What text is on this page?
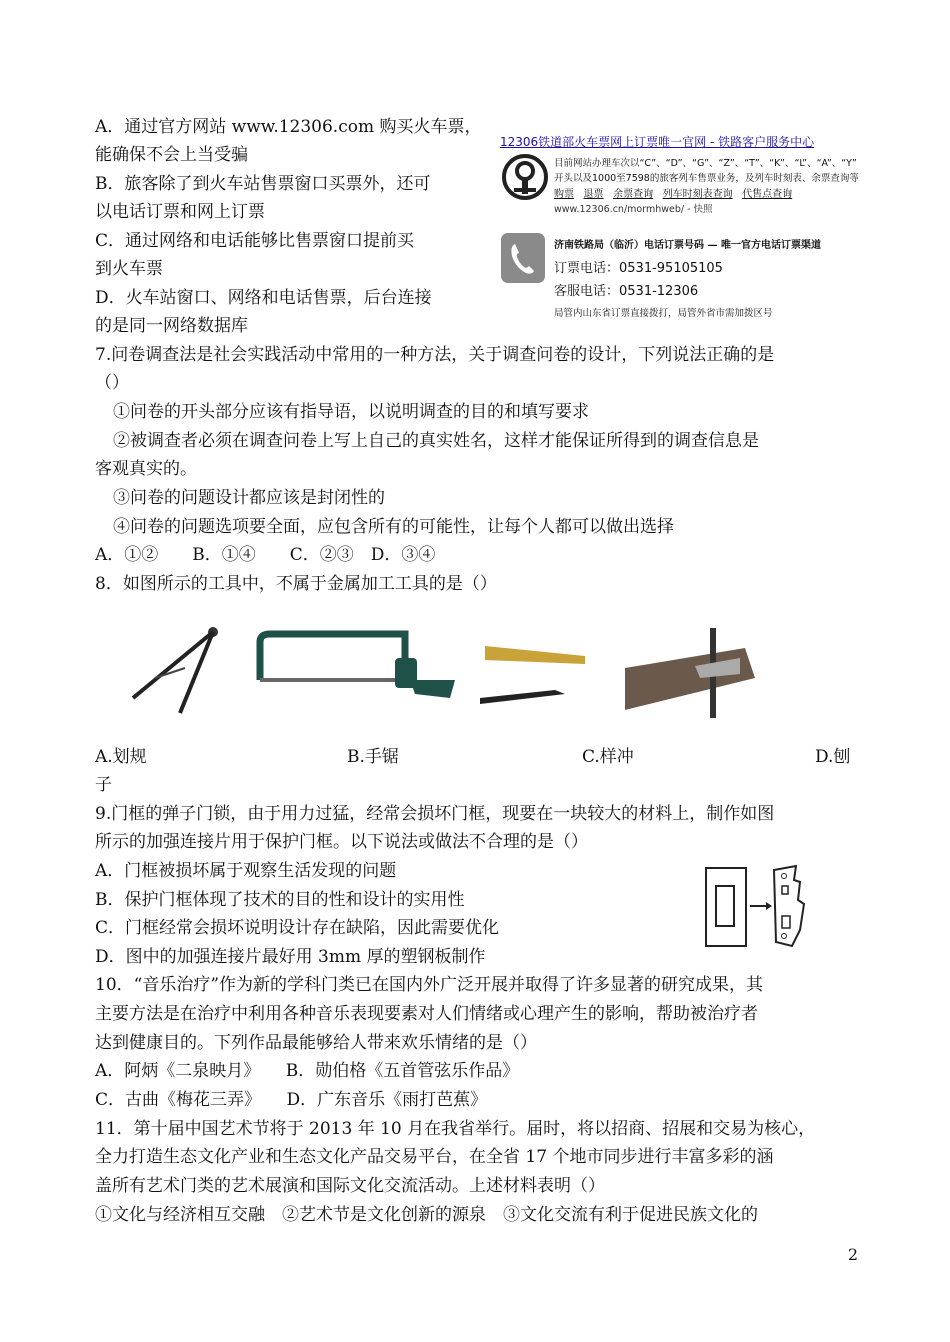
A．通过官方网站 www.12306.com 购买火车票，
能确保不会上当受骗
B．旅客除了到火车站售票窗口买票外，还可
以电话订票和网上订票
C．通过网络和电话能够比售票窗口提前买
到火车票
D．火车站窗口、网络和电话售票，后台连接
的是同一网络数据库
7.问卷调查法是社会实践活动中常用的一种方法，关于调查问卷的设计，下列说法正确的是
（）
①问卷的开头部分应该有指导语，以说明调查的目的和填写要求
②被调查者必须在调查问卷上写上自己的真实姓名，这样才能保证所得到的调查信息是
客观真实的。
③问卷的问题设计都应该是封闭性的
④问卷的问题选项要全面，应包含所有的可能性，让每个人都可以做出选择
A．①②　　B．①④　　C．②③　D．③④
8．如图所示的工具中，不属于金属加工工具的是（）
12306铁道部火车票网上订票唯一官网 - 铁路客户服务中心
目前网站办理车次以“C”、“D”、“G”、“Z”、“T”、“K”、“L”、“A”、“Y”
开头以及1000至7598的旅客列车售票业务，及列车时刻表、余票查询等
购票 退票 余票查询 列车时刻表查询 代售点查询
www.12306.cn/mormhweb/ - 快照
济南铁路局（临沂）电话订票号码 — 唯一官方电话订票渠道
订票电话：0531-95105105
客服电话：0531-12306
局管内山东省订票直接拨打，局管外省市需加拨区号
A.划规	B.手锯	C.样冲	D.刨
子
9.门框的弹子门锁，由于用力过猛，经常会损坏门框，现要在一块较大的材料上，制作如图
所示的加强连接片用于保护门框。以下说法或做法不合理的是（）
A．门框被损坏属于观察生活发现的问题
B．保护门框体现了技术的目的性和设计的实用性
C．门框经常会损坏说明设计存在缺陷，因此需要优化
D．图中的加强连接片最好用 3mm 厚的塑钢板制作
10．“音乐治疗”作为新的学科门类已在国内外广泛开展并取得了许多显著的研究成果，其
主要方法是在治疗中利用各种音乐表现要素对人们情绪或心理产生的影响，帮助被治疗者
达到健康目的。下列作品最能够给人带来欢乐情绪的是（）
A．阿炳《二泉映月》　　B．勋伯格《五首管弦乐作品》
C．古曲《梅花三弄》　　D．广东音乐《雨打芭蕉》
11．第十届中国艺术节将于 2013 年 10 月在我省举行。届时，将以招商、招展和交易为核心，
全力打造生态文化产业和生态文化产品交易平台，在全省 17 个地市同步进行丰富多彩的涵
盖所有艺术门类的艺术展演和国际文化交流活动。上述材料表明（）
①文化与经济相互交融　②艺术节是文化创新的源泉　③文化交流有利于促进民族文化的
2
